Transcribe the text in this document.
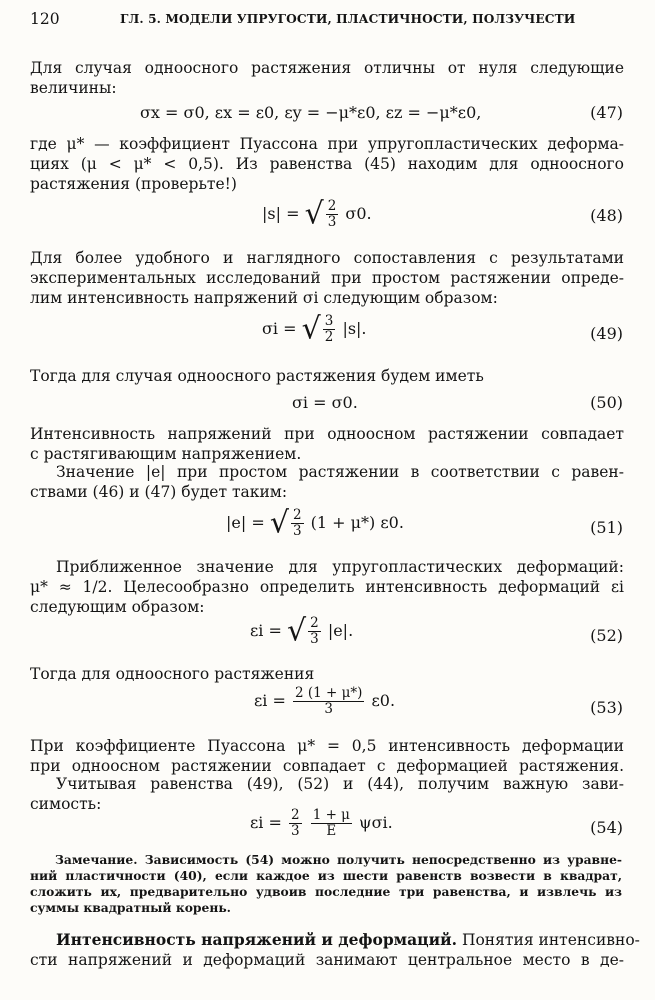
120	ГЛ. 5. МОДЕЛИ УПРУГОСТИ, ПЛАСТИЧНОСТИ, ПОЛЗУЧЕСТИ
Для случая одноосного растяжения отличны от нуля следующие
величины:
σx = σ0, εx = ε0, εy = −μ*ε0, εz = −μ*ε0,	(47)
где μ* — коэффициент Пуассона при упругопластических деформа-
циях (μ < μ* < 0,5). Из равенства (45) находим для одноосного
растяжения (проверьте!)
|s| = √ $\frac{2}{3} \sigma 0$.	(48)
Для более удобного и наглядного сопоставления с результатами
экспериментальных исследований при простом растяжении опреде-
лим интенсивность напряжений σi следующим образом:
σi = √ $\frac{3}{2} |s|$.	(49)
Тогда для случая одноосного растяжения будем иметь
σi = σ0.	(50)
Интенсивность напряжений при одноосном растяжении совпадает
с растягивающим напряжением.
Значение |e| при простом растяжении в соответствии с равен-
ствами (46) и (47) будет таким:
|e| = √ $\frac{2}{3} (1 + \mu*)$ ε0.	(51)
Приближенное значение для упругопластических деформаций:
μ* ≈ 1/2. Целесообразно определить интенсивность деформаций εi
следующим образом:
εi = √ $\frac{2}{3} |e|$.	(52)
Тогда для одноосного растяжения
$\varepsilon i = \frac{2 (1 + \mu*)}{3} \varepsilon 0$.	(53)
При коэффициенте Пуассона μ* = 0,5 интенсивность деформации
при одноосном растяжении совпадает с деформацией растяжения.
Учитывая равенства (49), (52) и (44), получим важную зави-
симость:
$\varepsilon i = \frac{2}{3}$
$\frac{1 + \mu}{E} \psi\sigma i$.	(54)
Замечание. Зависимость (54) можно получить непосредственно из уравне-
ний пластичности (40), если каждое из шести равенств возвести в квадрат,
сложить их, предварительно удвоив последние три равенства, и извлечь из
суммы квадратный корень.
Интенсивность напряжений и деформаций. Понятия интенсивно-
сти напряжений и деформаций занимают центральное место в де-
